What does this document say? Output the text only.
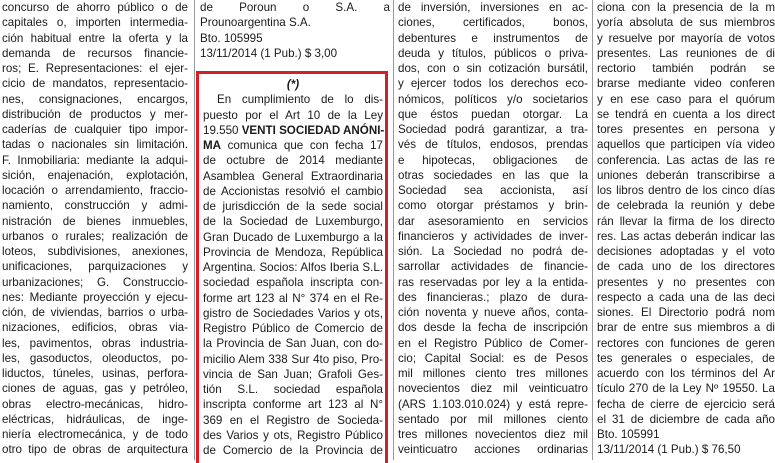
concurso de ahorro público o de
capitales o, importen intermedia-
ción habitual entre la oferta y la
demanda de recursos financie-
ros; E. Representaciones: el ejer-
cicio de mandatos, representacio-
nes, consignaciones, encargos,
distribución de productos y mer-
caderías de cualquier tipo impor-
tadas o nacionales sin limitación.
F. Inmobiliaria: mediante la adqui-
sición, enajenación, explotación,
locación o arrendamiento, fraccio-
namiento, construcción y admi-
nistración de bienes inmuebles,
urbanos o rurales; realización de
loteos, subdivisiones, anexiones,
unificaciones, parquizaciones y
urbanizaciones; G. Construccio-
nes: Mediante proyección y ejecu-
ción, de viviendas, barrios o urba-
nizaciones, edificios, obras via-
les, pavimentos, obras industria-
les, gasoductos, oleoductos, po-
liductos, túneles, usinas, perfora-
ciones de aguas, gas y petróleo,
obras electro-mecánicas, hidro-
eléctricas, hidráulicas, de inge-
niería electromecánica, y de todo
otro tipo de obras de arquitectura
de Poroun o S.A. a
Prounoargentina S.A.
Bto. 105995
13/11/2014 (1 Pub.) $ 3,00
(*)
En cumplimiento de lo dis-
puesto por el Art 10 de la Ley
19.550 VENTI SOCIEDAD ANÓNI-
MA comunica que con fecha 17
de octubre de 2014 mediante
Asamblea General Extraordinaria
de Accionistas resolvió el cambio
de jurisdicción de la sede social
de la Sociedad de Luxemburgo,
Gran Ducado de Luxemburgo a la
Provincia de Mendoza, República
Argentina. Socios: Alfos Iberia S.L.
sociedad española inscripta con-
forme art 123 al N° 374 en el Re-
gistro de Sociedades Varios y ots,
Registro Público de Comercio de
la Provincia de San Juan, con do-
micilio Alem 338 Sur 4to piso, Pro-
vincia de San Juan; Grafoli Ges-
tión S.L. sociedad española
inscripta conforme art 123 al N°
369 en el Registro de Socieda-
des Varios y ots, Registro Público
de Comercio de la Provincia de
de inversión, inversiones en ac-
ciones, certificados, bonos,
debentures e instrumentos de
deuda y títulos, públicos o priva-
dos, con o sin cotización bursátil,
y ejercer todos los derechos eco-
nómicos, políticos y/o societarios
que éstos puedan otorgar. La
Sociedad podrá garantizar, a tra-
vés de títulos, endosos, prendas
e hipotecas, obligaciones de
otras sociedades en las que la
Sociedad sea accionista, así
como otorgar préstamos y brin-
dar asesoramiento en servicios
financieros y actividades de inver-
sión. La Sociedad no podrá de-
sarrollar actividades de financie-
ras reservadas por ley a la entida-
des financieras.; plazo de dura-
ción noventa y nueve años, conta-
dos desde la fecha de inscripción
en el Registro Público de Comer-
cio; Capital Social: es de Pesos
mil millones ciento tres millones
novecientos diez mil veinticuatro
(ARS 1.103.010.024) y está repre-
sentado por mil millones ciento
tres millones novecientos diez mil
veinticuatro acciones ordinarias
ciona con la presencia de la m
yoría absoluta de sus miembros
y resuelve por mayoría de votos
presentes. Las reuniones de di
rectorio también podrán se
brarse mediante video conferen
y en ese caso para el quórum
se tendrá en cuenta a los direct
tores presentes en persona y
aquellos que participen vía video
conferencia. Las actas de las re
uniones deberán transcribirse a
los libros dentro de los cinco días
de celebrada la reunión y debe
rán llevar la firma de los directo
res. Las actas deberán indicar las
decisiones adoptadas y el voto
de cada uno de los directores
presentes y no presentes con
respecto a cada una de las deci
siones. El Directorio podrá nom
brar de entre sus miembros a di
rectores con funciones de geren
tes generales o especiales, de
acuerdo con los términos del Ar
tículo 270 de la Ley Nº 19550. La
fecha de cierre de ejercicio será
el 31 de diciembre de cada año
Bto. 105991
13/11/2014 (1 Pub.) $ 76,50
